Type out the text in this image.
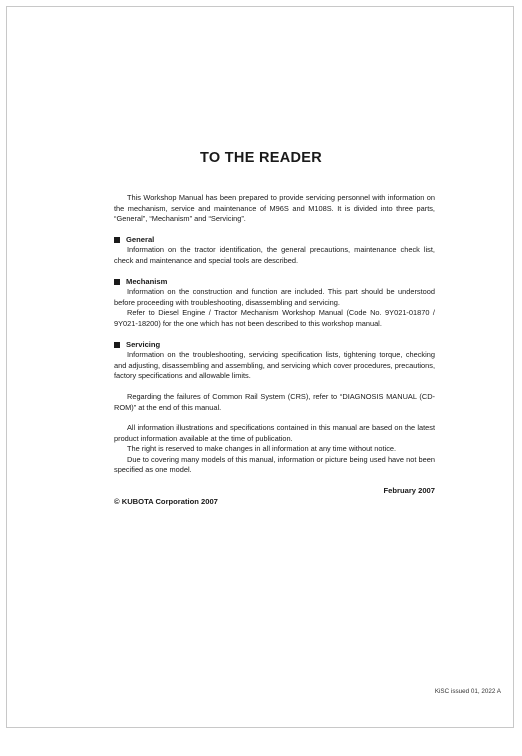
TO THE READER

This Workshop Manual has been prepared to provide servicing personnel with information on the mechanism, service and maintenance of M96S and M108S. It is divided into three parts, “General”, “Mechanism” and “Servicing”.

General

Information on the tractor identification, the general precautions, maintenance check list, check and maintenance and special tools are described.

Mechanism

Information on the construction and function are included. This part should be understood before proceeding with troubleshooting, disassembling and servicing.

Refer to Diesel Engine / Tractor Mechanism Workshop Manual (Code No. 9Y021-01870 / 9Y021-18200) for the one which has not been described to this workshop manual.

Servicing

Information on the troubleshooting, servicing specification lists, tightening torque, checking and adjusting, disassembling and assembling, and servicing which cover procedures, precautions, factory specifications and allowable limits.

Regarding the failures of Common Rail System (CRS), refer to “DIAGNOSIS MANUAL (CD-ROM)” at the end of this manual.

All information illustrations and specifications contained in this manual are based on the latest product information available at the time of publication.

The right is reserved to make changes in all information at any time without notice.

Due to covering many models of this manual, information or picture being used have not been specified as one model.

February 2007

© KUBOTA Corporation 2007

KiSC issued 01, 2022 A
